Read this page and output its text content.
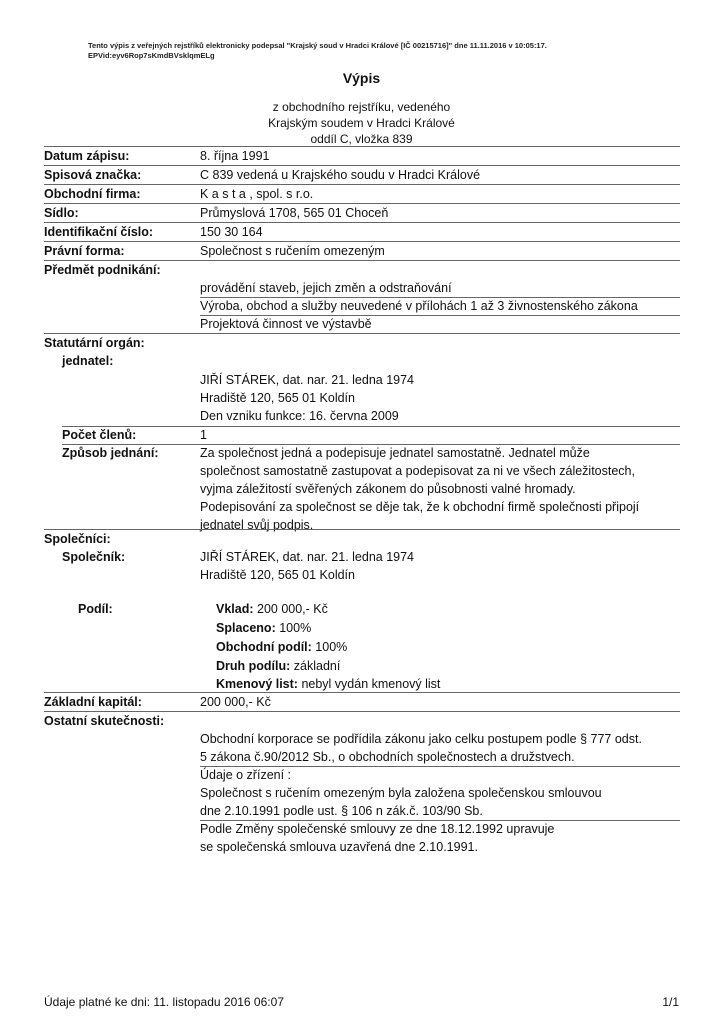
Tento výpis z veřejných rejstříků elektronicky podepsal "Krajský soud v Hradci Králové [IČ 00215716]" dne 11.11.2016 v 10:05:17.
EPVid:eyv6Rop7sKmdBVsklqmELg
Výpis
z obchodního rejstříku, vedeného
Krajským soudem v Hradci Králové
oddíl C, vložka 839
Datum zápisu:	8. října 1991
Spisová značka:	C 839 vedená u Krajského soudu v Hradci Králové
Obchodní firma:	K a s t a , spol. s r.o.
Sídlo:	Průmyslová 1708, 565 01 Choceň
Identifikační číslo:	150 30 164
Právní forma:	Společnost s ručením omezeným
Předmět podnikání:
provádění staveb, jejich změn a odstraňování
Výroba, obchod a služby neuvedené v přílohách 1 až 3 živnostenského zákona
Projektová činnost ve výstavbě
Statutární orgán:
jednatel:
JIŘÍ STÁREK, dat. nar. 21. ledna 1974
Hradiště 120, 565 01 Koldín
Den vzniku funkce: 16. června 2009
Počet členů:	1
Způsob jednání:	Za společnost jedná a podepisuje jednatel samostatně. Jednatel může
společnost samostatně zastupovat a podepisovat za ni ve všech záležitostech,
vyjma záležitostí svěřených zákonem do působnosti valné hromady.
Podepisování za společnost se děje tak, že k obchodní firmě společnosti připojí
jednatel svůj podpis.
Společníci:
Společník:	JIŘÍ STÁREK, dat. nar. 21. ledna 1974
Hradiště 120, 565 01 Koldín
Podíl:	Vklad: 200 000,- Kč
Splaceno: 100%
Obchodní podíl: 100%
Druh podílu: základní
Kmenový list: nebyl vydán kmenový list
Základní kapitál:	200 000,- Kč
Ostatní skutečnosti:
Obchodní korporace se podřídila zákonu jako celku postupem podle § 777 odst.
5 zákona č.90/2012 Sb., o obchodních společnostech a družstvech.
Údaje o zřízení :
Společnost s ručením omezeným byla založena společenskou smlouvou
dne 2.10.1991 podle ust. § 106 n zák.č. 103/90 Sb.
Podle Změny společenské smlouvy ze dne 18.12.1992 upravuje
se společenská smlouva uzavřená dne 2.10.1991.
Údaje platné ke dni: 11. listopadu 2016 06:07	1/1
